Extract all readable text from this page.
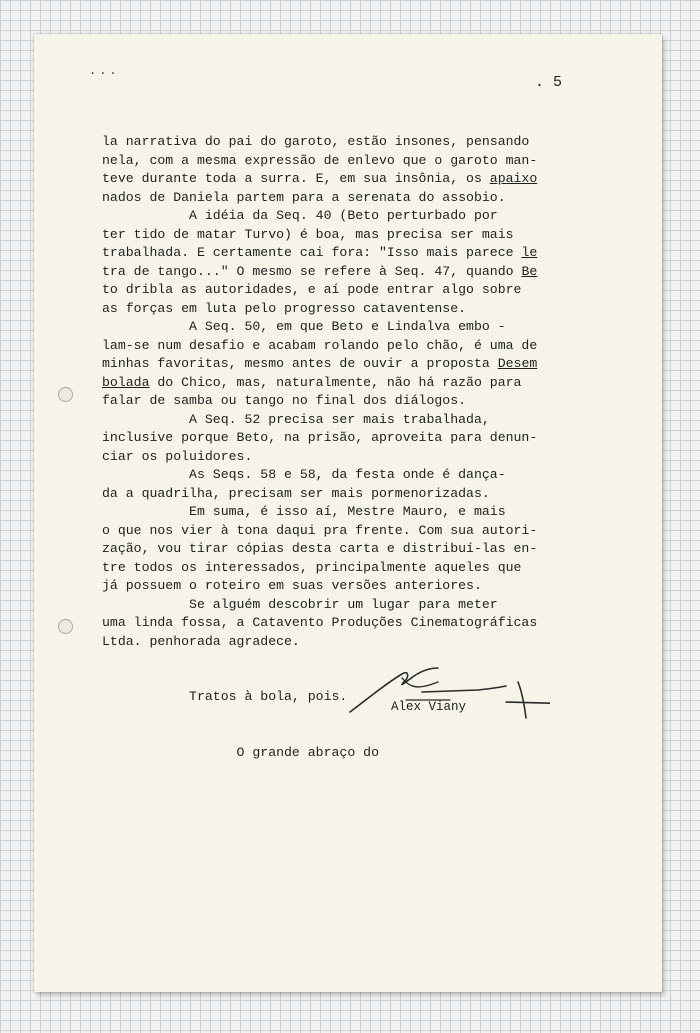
...
. 5

la narrativa do pai do garoto, estão insones, pensando
nela, com a mesma expressão de enlevo que o garoto man-
teve durante toda a surra. E, em sua insônia, os apaixo
nados de Daniela partem para a serenata do assobio.
A idéia da Seq. 40 (Beto perturbado por
ter tido de matar Turvo) é boa, mas precisa ser mais
trabalhada. E certamente cai fora: "Isso mais parece le
tra de tango..." O mesmo se refere à Seq. 47, quando Be
to dribla as autoridades, e aí pode entrar algo sobre
as forças em luta pelo progresso cataventense.
A Seq. 50, em que Beto e Lindalva embo -
lam-se num desafio e acabam rolando pelo chão, é uma de
minhas favoritas, mesmo antes de ouvir a proposta Desem
bolada do Chico, mas, naturalmente, não há razão para
falar de samba ou tango no final dos diálogos.
A Seq. 52 precisa ser mais trabalhada,
inclusive porque Beto, na prisão, aproveita para denun-
ciar os poluidores.
As Seqs. 58 e 58, da festa onde é dança-
da a quadrilha, precisam ser mais pormenorizadas.
Em suma, é isso aí, Mestre Mauro, e mais
o que nos vier à tona daqui pra frente. Com sua autori-
zação, vou tirar cópias desta carta e distribuí-las en-
tre todos os interessados, principalmente aqueles que
já possuem o roteiro em suas versões anteriores.
Se alguém descobrir um lugar para meter
uma linda fossa, a Catavento Produções Cinematográficas
Ltda. penhorada agradece.

Tratos à bola, pois.

O grande abraço do

Alex Viany
